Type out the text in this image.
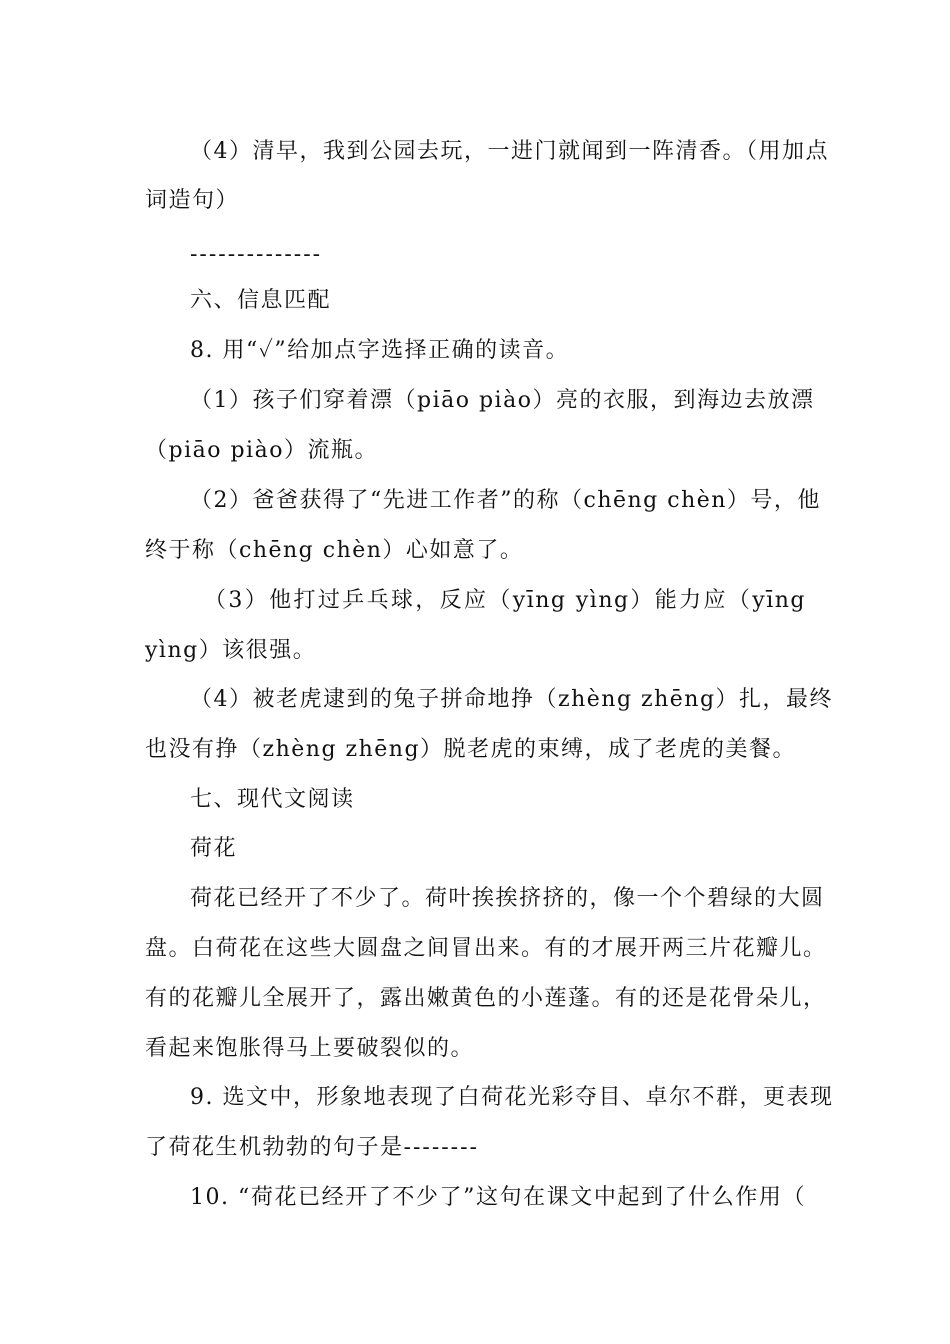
（4）清早，我到公园去玩，一进门就闻到一阵清香。（用加点
词造句）
--------------
六、信息匹配
8. 用“✓”给加点字选择正确的读音。
（1）孩子们穿着漂（piāo piào）亮的衣服，到海边去放漂
（piāo piào）流瓶。
（2）爸爸获得了“先进工作者”的称（chēng chèn）号，他
终于称（chēng chèn）心如意了。
（3）他打过乒乓球，反应（yīng yìng）能力应（yīng
yìng）该很强。
（4）被老虎逮到的兔子拼命地挣（zhèng zhēng）扎，最终
也没有挣（zhèng zhēng）脱老虎的束缚，成了老虎的美餐。
七、现代文阅读
荷花
荷花已经开了不少了。荷叶挨挨挤挤的，像一个个碧绿的大圆
盘。白荷花在这些大圆盘之间冒出来。有的才展开两三片花瓣儿。
有的花瓣儿全展开了，露出嫩黄色的小莲蓬。有的还是花骨朵儿，
看起来饱胀得马上要破裂似的。
9. 选文中，形象地表现了白荷花光彩夺目、卓尔不群，更表现
了荷花生机勃勃的句子是--------
10. “荷花已经开了不少了”这句在课文中起到了什么作用（
